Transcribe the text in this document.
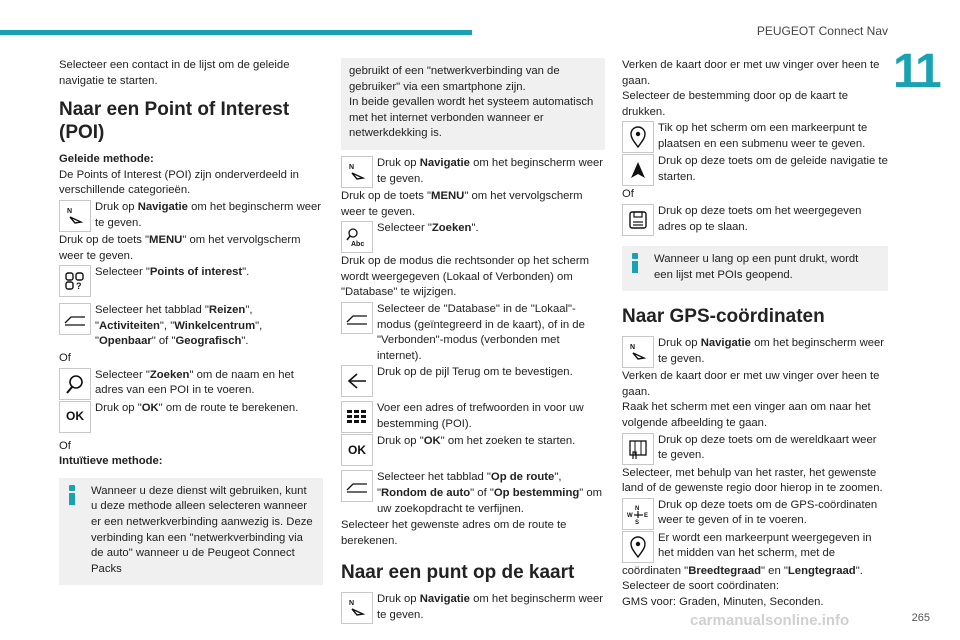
PEUGEOT Connect Nav
11

Selecteer een contact in de lijst om de geleide navigatie te starten.

Naar een Point of Interest (POI)

Geleide methode:

De Points of Interest (POI) zijn onderverdeeld in verschillende categorieën.

N Druk op Navigatie om het beginscherm weer te geven.

Druk op de toets "MENU" om het vervolgscherm weer te geven.

?
Selecteer "Points of interest".
Selecteer het tabblad "Reizen", "Activiteiten", "Winkelcentrum", "Openbaar" of "Geografisch".

Of

Selecteer "Zoeken" om de naam en het adres van een POI in te voeren.
OK
Druk op "OK" om de route te berekenen.

Of

Intuïtieve methode:

Wanneer u deze dienst wilt gebruiken, kunt u deze methode alleen selecteren wanneer er een netwerkverbinding aanwezig is. Deze verbinding kan een "netwerkverbinding via de auto" wanneer u de Peugeot Connect Packs

gebruikt of een "netwerkverbinding van de gebruiker" via een smartphone zijn.

In beide gevallen wordt het systeem automatisch met het internet verbonden wanneer er netwerkdekking is.

N Druk op Navigatie om het beginscherm weer te geven.

Druk op de toets "MENU" om het vervolgscherm weer te geven.

Abc
Selecteer "Zoeken".

Druk op de modus die rechtsonder op het scherm wordt weergegeven (Lokaal of Verbonden) om "Database" te wijzigen.

Selecteer de "Database" in de "Lokaal"-modus (geïntegreerd in de kaart), of in de "Verbonden"-modus (verbonden met internet).
Druk op de pijl Terug om te bevestigen.
Voer een adres of trefwoorden in voor uw bestemming (POI).
OK
Druk op "OK" om het zoeken te starten.
Selecteer het tabblad "Op de route", "Rondom de auto" of "Op bestemming" om uw zoekopdracht te verfijnen.

Selecteer het gewenste adres om de route te berekenen.

Naar een punt op de kaart
N Druk op Navigatie om het beginscherm weer te geven.

Verken de kaart door er met uw vinger over heen te gaan.

Selecteer de bestemming door op de kaart te drukken.

Tik op het scherm om een markeerpunt te plaatsen en een submenu weer te geven.
Druk op deze toets om de geleide navigatie te starten.

Of

Druk op deze toets om het weergegeven adres op te slaan.

Wanneer u lang op een punt drukt, wordt een lijst met POIs geopend.

Naar GPS-coördinaten
N Druk op Navigatie om het beginscherm weer te geven.

Verken de kaart door er met uw vinger over heen te gaan.

Raak het scherm met een vinger aan om naar het volgende afbeelding te gaan.

Druk op deze toets om de wereldkaart weer te geven.

Selecteer, met behulp van het raster, het gewenste land of de gewenste regio door hierop in te zoomen.

N
W E
S
Druk op deze toets om de GPS-coördinaten weer te geven of in te voeren.
Er wordt een markeerpunt weergegeven in het midden van het scherm, met de

coördinaten "Breedtegraad" en "Lengtegraad".

Selecteer de soort coördinaten:

GMS voor: Graden, Minuten, Seconden.

carmanualsonline.info	265
